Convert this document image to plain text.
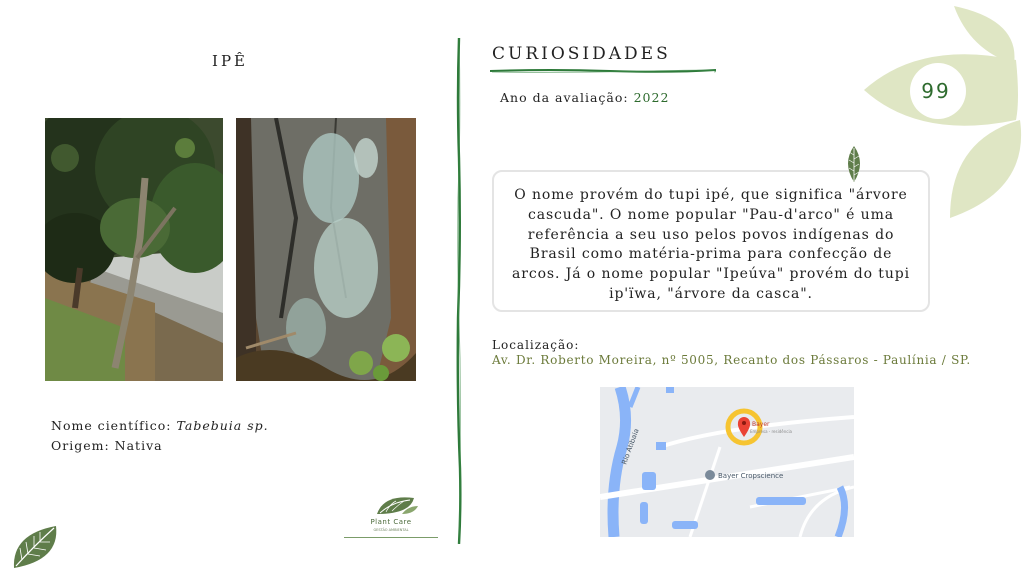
IPÊ
Nome científico: Tabebuia sp.
Origem: Nativa
Plant Care
GESTÃO AMBIENTAL
CURIOSIDADES
Ano da avaliação: 2022
O nome provém do tupi ipé, que significa "árvore cascuda". O nome popular "Pau-d'arco" é uma referência a seu uso pelos povos indígenas do Brasil como matéria-prima para confecção de arcos. Já o nome popular "Ipeúva" provém do tupi ip'ïwa, "árvore da casca".
Localização:
Av. Dr. Roberto Moreira, nº 5005, Recanto dos Pássaros - Paulínia / SP.
Rio Atibaia
Bayer Cropscience
Bayer
Empresa - residência
99
